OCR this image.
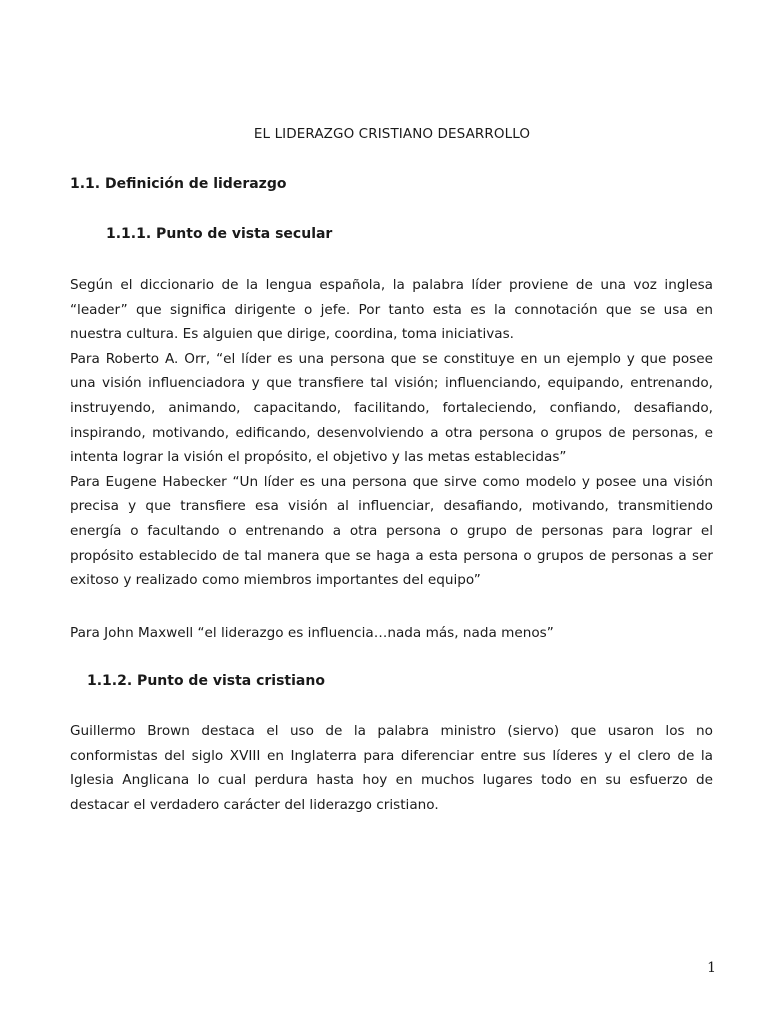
EL LIDERAZGO CRISTIANO DESARROLLO
1.1. Definición de liderazgo
1.1.1. Punto de vista secular
Según el diccionario de la lengua española, la palabra líder proviene de una voz inglesa
“leader” que significa dirigente o jefe. Por tanto esta es la connotación que se usa en
nuestra cultura. Es alguien que dirige, coordina, toma iniciativas.
Para Roberto A. Orr, “el líder es una persona que se constituye en un ejemplo y que posee
una visión influenciadora y que transfiere tal visión; influenciando, equipando, entrenando,
instruyendo, animando, capacitando, facilitando, fortaleciendo, confiando, desafiando,
inspirando, motivando, edificando, desenvolviendo a otra persona o grupos de personas, e
intenta lograr la visión el propósito, el objetivo y las metas establecidas”
Para Eugene Habecker “Un líder es una persona que sirve como modelo y posee una visión
precisa y que transfiere esa visión al influenciar, desafiando, motivando, transmitiendo
energía o facultando o entrenando a otra persona o grupo de personas para lograr el
propósito establecido de tal manera que se haga a esta persona o grupos de personas a ser
exitoso y realizado como miembros importantes del equipo”
Para John Maxwell “el liderazgo es influencia…nada más, nada menos”
1.1.2. Punto de vista cristiano
Guillermo Brown destaca el uso de la palabra ministro (siervo) que usaron los no
conformistas del siglo XVIII en Inglaterra para diferenciar entre sus líderes y el clero de la
Iglesia Anglicana lo cual perdura hasta hoy en muchos lugares todo en su esfuerzo de
destacar el verdadero carácter del liderazgo cristiano.
1
